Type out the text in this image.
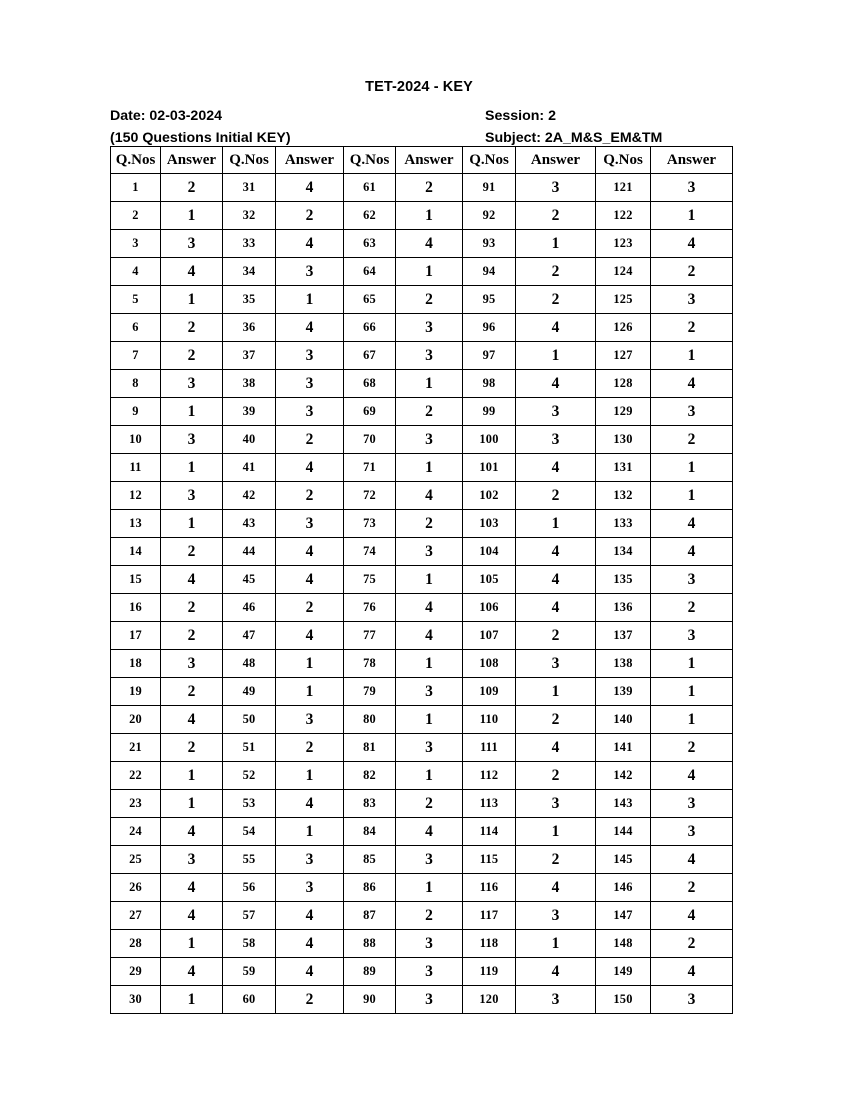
TET-2024 - KEY
Date: 02-03-2024	Session: 2
(150 Questions Initial KEY)	Subject: 2A_M&S_EM&TM
Q.Nos	Answer	Q.Nos	Answer	Q.Nos	Answer	Q.Nos	Answer	Q.Nos	Answer
1	2	31	4	61	2	91	3	121	3
2	1	32	2	62	1	92	2	122	1
3	3	33	4	63	4	93	1	123	4
4	4	34	3	64	1	94	2	124	2
5	1	35	1	65	2	95	2	125	3
6	2	36	4	66	3	96	4	126	2
7	2	37	3	67	3	97	1	127	1
8	3	38	3	68	1	98	4	128	4
9	1	39	3	69	2	99	3	129	3
10	3	40	2	70	3	100	3	130	2
11	1	41	4	71	1	101	4	131	1
12	3	42	2	72	4	102	2	132	1
13	1	43	3	73	2	103	1	133	4
14	2	44	4	74	3	104	4	134	4
15	4	45	4	75	1	105	4	135	3
16	2	46	2	76	4	106	4	136	2
17	2	47	4	77	4	107	2	137	3
18	3	48	1	78	1	108	3	138	1
19	2	49	1	79	3	109	1	139	1
20	4	50	3	80	1	110	2	140	1
21	2	51	2	81	3	111	4	141	2
22	1	52	1	82	1	112	2	142	4
23	1	53	4	83	2	113	3	143	3
24	4	54	1	84	4	114	1	144	3
25	3	55	3	85	3	115	2	145	4
26	4	56	3	86	1	116	4	146	2
27	4	57	4	87	2	117	3	147	4
28	1	58	4	88	3	118	1	148	2
29	4	59	4	89	3	119	4	149	4
30	1	60	2	90	3	120	3	150	3
